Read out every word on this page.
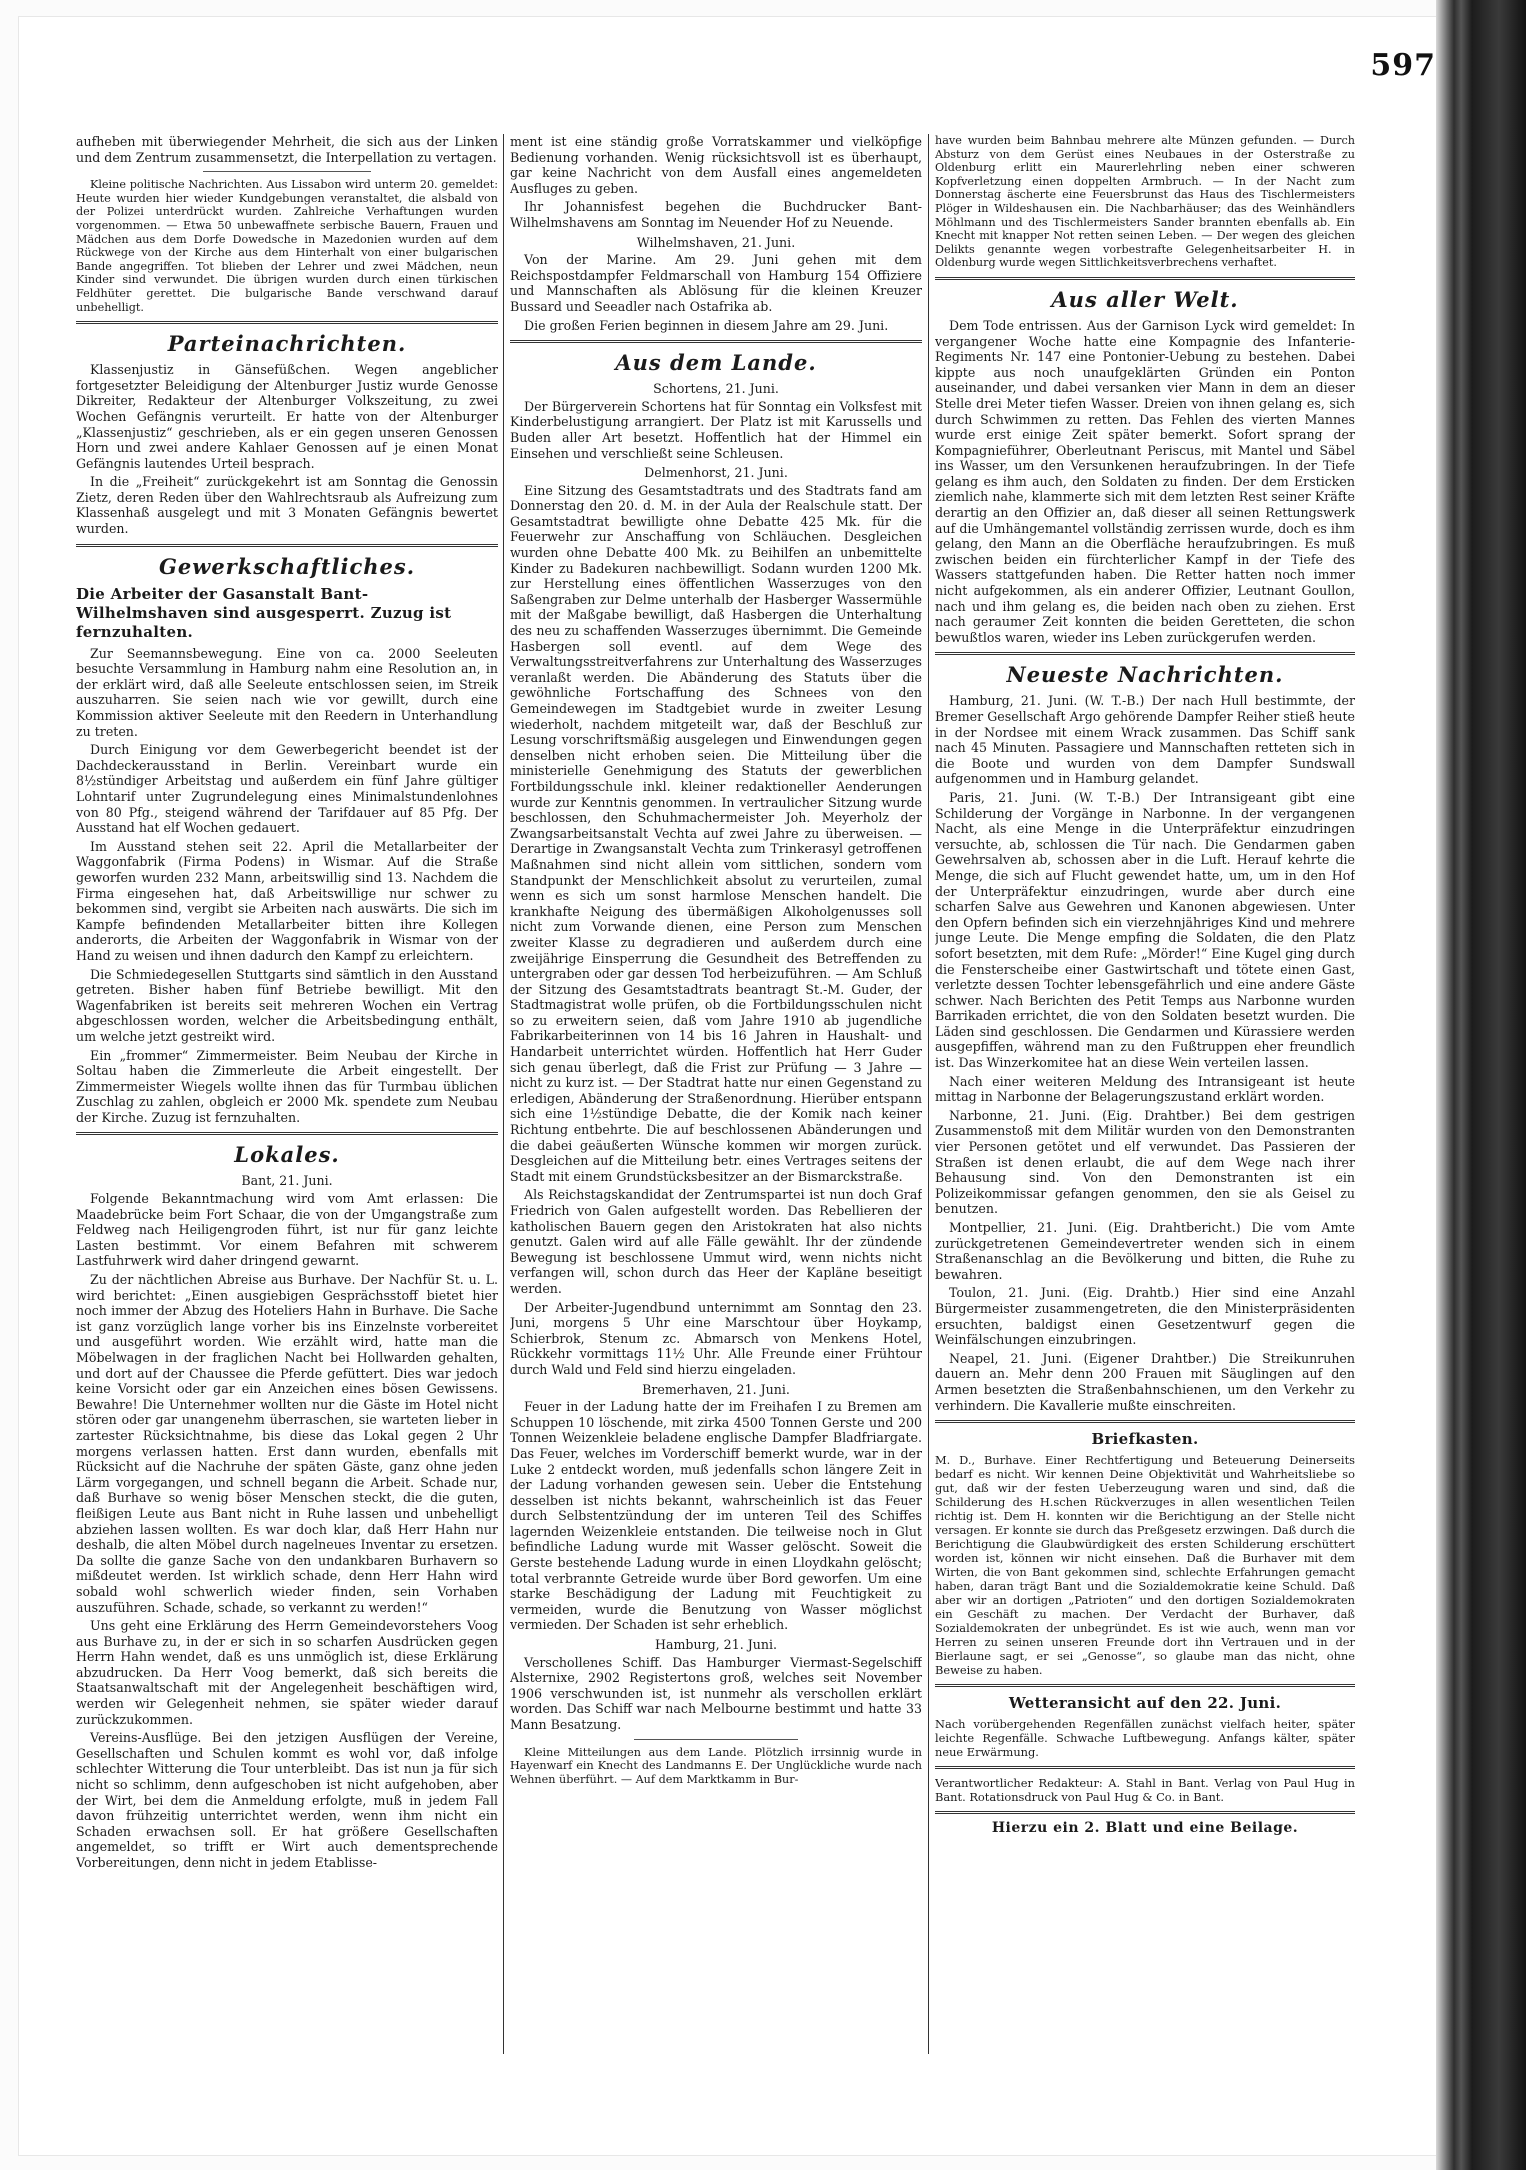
597

aufheben mit überwiegender Mehrheit, die sich aus der Linken und dem Zentrum zusammensetzt, die Interpellation zu vertagen.

Kleine politische Nachrichten. Aus Lissabon wird unterm 20. gemeldet: Heute wurden hier wieder Kundgebungen veranstaltet, die alsbald von der Polizei unterdrückt wurden. Zahlreiche Verhaftungen wurden vorgenommen. — Etwa 50 unbewaffnete serbische Bauern, Frauen und Mädchen aus dem Dorfe Dowedsche in Mazedonien wurden auf dem Rückwege von der Kirche aus dem Hinterhalt von einer bulgarischen Bande angegriffen. Tot blieben der Lehrer und zwei Mädchen, neun Kinder sind verwundet. Die übrigen wurden durch einen türkischen Feldhüter gerettet. Die bulgarische Bande verschwand darauf unbehelligt.

Parteinachrichten.

Klassenjustiz in Gänsefüßchen. Wegen angeblicher fortgesetzter Beleidigung der Altenburger Justiz wurde Genosse Dikreiter, Redakteur der Altenburger Volkszeitung, zu zwei Wochen Gefängnis verurteilt. Er hatte von der Altenburger „Klassenjustiz“ geschrieben, als er ein gegen unseren Genossen Horn und zwei andere Kahlaer Genossen auf je einen Monat Gefängnis lautendes Urteil besprach.

In die „Freiheit“ zurückgekehrt ist am Sonntag die Genossin Zietz, deren Reden über den Wahlrechtsraub als Aufreizung zum Klassenhaß ausgelegt und mit 3 Monaten Gefängnis bewertet wurden.

Gewerkschaftliches.
Die Arbeiter der Gasanstalt Bant-Wilhelmshaven sind ausgesperrt. Zuzug ist fernzuhalten.

Zur Seemannsbewegung. Eine von ca. 2000 Seeleuten besuchte Versammlung in Hamburg nahm eine Resolution an, in der erklärt wird, daß alle Seeleute entschlossen seien, im Streik auszuharren. Sie seien nach wie vor gewillt, durch eine Kommission aktiver Seeleute mit den Reedern in Unterhandlung zu treten.

Durch Einigung vor dem Gewerbegericht beendet ist der Dachdeckerausstand in Berlin. Vereinbart wurde ein 8½stündiger Arbeitstag und außerdem ein fünf Jahre gültiger Lohntarif unter Zugrundelegung eines Minimalstundenlohnes von 80 Pfg., steigend während der Tarifdauer auf 85 Pfg. Der Ausstand hat elf Wochen gedauert.

Im Ausstand stehen seit 22. April die Metallarbeiter der Waggonfabrik (Firma Podens) in Wismar. Auf die Straße geworfen wurden 232 Mann, arbeitswillig sind 13. Nachdem die Firma eingesehen hat, daß Arbeitswillige nur schwer zu bekommen sind, vergibt sie Arbeiten nach auswärts. Die sich im Kampfe befindenden Metallarbeiter bitten ihre Kollegen anderorts, die Arbeiten der Waggonfabrik in Wismar von der Hand zu weisen und ihnen dadurch den Kampf zu erleichtern.

Die Schmiedegesellen Stuttgarts sind sämtlich in den Ausstand getreten. Bisher haben fünf Betriebe bewilligt. Mit den Wagenfabriken ist bereits seit mehreren Wochen ein Vertrag abgeschlossen worden, welcher die Arbeitsbedingung enthält, um welche jetzt gestreikt wird.

Ein „frommer“ Zimmermeister. Beim Neubau der Kirche in Soltau haben die Zimmerleute die Arbeit eingestellt. Der Zimmermeister Wiegels wollte ihnen das für Turmbau üblichen Zuschlag zu zahlen, obgleich er 2000 Mk. spendete zum Neubau der Kirche. Zuzug ist fernzuhalten.

Lokales.

Bant, 21. Juni.

Folgende Bekanntmachung wird vom Amt erlassen: Die Maadebrücke beim Fort Schaar, die von der Umgangstraße zum Feldweg nach Heiligengroden führt, ist nur für ganz leichte Lasten bestimmt. Vor einem Befahren mit schwerem Lastfuhrwerk wird daher dringend gewarnt.

Zu der nächtlichen Abreise aus Burhave. Der Nachfür St. u. L. wird berichtet: „Einen ausgiebigen Gesprächsstoff bietet hier noch immer der Abzug des Hoteliers Hahn in Burhave. Die Sache ist ganz vorzüglich lange vorher bis ins Einzelnste vorbereitet und ausgeführt worden. Wie erzählt wird, hatte man die Möbelwagen in der fraglichen Nacht bei Hollwarden gehalten, und dort auf der Chaussee die Pferde gefüttert. Dies war jedoch keine Vorsicht oder gar ein Anzeichen eines bösen Gewissens. Bewahre! Die Unternehmer wollten nur die Gäste im Hotel nicht stören oder gar unangenehm überraschen, sie warteten lieber in zartester Rücksichtnahme, bis diese das Lokal gegen 2 Uhr morgens verlassen hatten. Erst dann wurden, ebenfalls mit Rücksicht auf die Nachruhe der späten Gäste, ganz ohne jeden Lärm vorgegangen, und schnell begann die Arbeit. Schade nur, daß Burhave so wenig böser Menschen steckt, die die guten, fleißigen Leute aus Bant nicht in Ruhe lassen und unbehelligt abziehen lassen wollten. Es war doch klar, daß Herr Hahn nur deshalb, die alten Möbel durch nagelneues Inventar zu ersetzen. Da sollte die ganze Sache von den undankbaren Burhavern so mißdeutet werden. Ist wirklich schade, denn Herr Hahn wird sobald wohl schwerlich wieder finden, sein Vorhaben auszuführen. Schade, schade, so verkannt zu werden!“

Uns geht eine Erklärung des Herrn Gemeindevorstehers Voog aus Burhave zu, in der er sich in so scharfen Ausdrücken gegen Herrn Hahn wendet, daß es uns unmöglich ist, diese Erklärung abzudrucken. Da Herr Voog bemerkt, daß sich bereits die Staatsanwaltschaft mit der Angelegenheit beschäftigen wird, werden wir Gelegenheit nehmen, sie später wieder darauf zurückzukommen.

Vereins-Ausflüge. Bei den jetzigen Ausflügen der Vereine, Gesellschaften und Schulen kommt es wohl vor, daß infolge schlechter Witterung die Tour unterbleibt. Das ist nun ja für sich nicht so schlimm, denn aufgeschoben ist nicht aufgehoben, aber der Wirt, bei dem die Anmeldung erfolgte, muß in jedem Fall davon frühzeitig unterrichtet werden, wenn ihm nicht ein Schaden erwachsen soll. Er hat größere Gesellschaften angemeldet, so trifft er Wirt auch dementsprechende Vorbereitungen, denn nicht in jedem Etablisse-

ment ist eine ständig große Vorratskammer und vielköpfige Bedienung vorhanden. Wenig rücksichtsvoll ist es überhaupt, gar keine Nachricht von dem Ausfall eines angemeldeten Ausfluges zu geben.

Ihr Johannisfest begehen die Buchdrucker Bant-Wilhelmshavens am Sonntag im Neuender Hof zu Neuende.

Wilhelmshaven, 21. Juni.

Von der Marine. Am 29. Juni gehen mit dem Reichspostdampfer Feldmarschall von Hamburg 154 Offiziere und Mannschaften als Ablösung für die kleinen Kreuzer Bussard und Seeadler nach Ostafrika ab.

Die großen Ferien beginnen in diesem Jahre am 29. Juni.

Aus dem Lande.

Schortens, 21. Juni.

Der Bürgerverein Schortens hat für Sonntag ein Volksfest mit Kinderbelustigung arrangiert. Der Platz ist mit Karussells und Buden aller Art besetzt. Hoffentlich hat der Himmel ein Einsehen und verschließt seine Schleusen.

Delmenhorst, 21. Juni.

Eine Sitzung des Gesamtstadtrats und des Stadtrats fand am Donnerstag den 20. d. M. in der Aula der Realschule statt. Der Gesamtstadtrat bewilligte ohne Debatte 425 Mk. für die Feuerwehr zur Anschaffung von Schläuchen. Desgleichen wurden ohne Debatte 400 Mk. zu Beihilfen an unbemittelte Kinder zu Badekuren nachbewilligt. Sodann wurden 1200 Mk. zur Herstellung eines öffentlichen Wasserzuges von den Saßengraben zur Delme unterhalb der Hasberger Wassermühle mit der Maßgabe bewilligt, daß Hasbergen die Unterhaltung des neu zu schaffenden Wasserzuges übernimmt. Die Gemeinde Hasbergen soll eventl. auf dem Wege des Verwaltungsstreitverfahrens zur Unterhaltung des Wasserzuges veranlaßt werden. Die Abänderung des Statuts über die gewöhnliche Fortschaffung des Schnees von den Gemeindewegen im Stadtgebiet wurde in zweiter Lesung wiederholt, nachdem mitgeteilt war, daß der Beschluß zur Lesung vorschriftsmäßig ausgelegen und Einwendungen gegen denselben nicht erhoben seien. Die Mitteilung über die ministerielle Genehmigung des Statuts der gewerblichen Fortbildungsschule inkl. kleiner redaktioneller Aenderungen wurde zur Kenntnis genommen. In vertraulicher Sitzung wurde beschlossen, den Schuhmachermeister Joh. Meyerholz der Zwangsarbeitsanstalt Vechta auf zwei Jahre zu überweisen. — Derartige in Zwangsanstalt Vechta zum Trinkerasyl getroffenen Maßnahmen sind nicht allein vom sittlichen, sondern vom Standpunkt der Menschlichkeit absolut zu verurteilen, zumal wenn es sich um sonst harmlose Menschen handelt. Die krankhafte Neigung des übermäßigen Alkoholgenusses soll nicht zum Vorwande dienen, eine Person zum Menschen zweiter Klasse zu degradieren und außerdem durch eine zweijährige Einsperrung die Gesundheit des Betreffenden zu untergraben oder gar dessen Tod herbeizuführen. — Am Schluß der Sitzung des Gesamtstadtrats beantragt St.-M. Guder, der Stadtmagistrat wolle prüfen, ob die Fortbildungsschulen nicht so zu erweitern seien, daß vom Jahre 1910 ab jugendliche Fabrikarbeiterinnen von 14 bis 16 Jahren in Haushalt- und Handarbeit unterrichtet würden. Hoffentlich hat Herr Guder sich genau überlegt, daß die Frist zur Prüfung — 3 Jahre — nicht zu kurz ist. — Der Stadtrat hatte nur einen Gegenstand zu erledigen, Abänderung der Straßenordnung. Hierüber entspann sich eine 1½stündige Debatte, die der Komik nach keiner Richtung entbehrte. Die auf beschlossenen Abänderungen und die dabei geäußerten Wünsche kommen wir morgen zurück. Desgleichen auf die Mitteilung betr. eines Vertrages seitens der Stadt mit einem Grundstücksbesitzer an der Bismarckstraße.

Als Reichstagskandidat der Zentrumspartei ist nun doch Graf Friedrich von Galen aufgestellt worden. Das Rebellieren der katholischen Bauern gegen den Aristokraten hat also nichts genutzt. Galen wird auf alle Fälle gewählt. Ihr der zündende Bewegung ist beschlossene Ummut wird, wenn nichts nicht verfangen will, schon durch das Heer der Kapläne beseitigt werden.

Der Arbeiter-Jugendbund unternimmt am Sonntag den 23. Juni, morgens 5 Uhr eine Marschtour über Hoykamp, Schierbrok, Stenum zc. Abmarsch von Menkens Hotel, Rückkehr vormittags 11½ Uhr. Alle Freunde einer Frühtour durch Wald und Feld sind hierzu eingeladen.

Bremerhaven, 21. Juni.

Feuer in der Ladung hatte der im Freihafen I zu Bremen am Schuppen 10 löschende, mit zirka 4500 Tonnen Gerste und 200 Tonnen Weizenkleie beladene englische Dampfer Bladfriargate. Das Feuer, welches im Vorderschiff bemerkt wurde, war in der Luke 2 entdeckt worden, muß jedenfalls schon längere Zeit in der Ladung vorhanden gewesen sein. Ueber die Entstehung desselben ist nichts bekannt, wahrscheinlich ist das Feuer durch Selbstentzündung der im unteren Teil des Schiffes lagernden Weizenkleie entstanden. Die teilweise noch in Glut befindliche Ladung wurde mit Wasser gelöscht. Soweit die Gerste bestehende Ladung wurde in einen Lloydkahn gelöscht; total verbrannte Getreide wurde über Bord geworfen. Um eine starke Beschädigung der Ladung mit Feuchtigkeit zu vermeiden, wurde die Benutzung von Wasser möglichst vermieden. Der Schaden ist sehr erheblich.

Hamburg, 21. Juni.

Verschollenes Schiff. Das Hamburger Viermast-Segelschiff Alsternixe, 2902 Registertons groß, welches seit November 1906 verschwunden ist, ist nunmehr als verschollen erklärt worden. Das Schiff war nach Melbourne bestimmt und hatte 33 Mann Besatzung.

Kleine Mitteilungen aus dem Lande. Plötzlich irrsinnig wurde in Hayenwarf ein Knecht des Landmanns E. Der Unglückliche wurde nach Wehnen überführt. — Auf dem Marktkamm in Bur-

have wurden beim Bahnbau mehrere alte Münzen gefunden. — Durch Absturz von dem Gerüst eines Neubaues in der Osterstraße zu Oldenburg erlitt ein Maurerlehrling neben einer schweren Kopfverletzung einen doppelten Armbruch. — In der Nacht zum Donnerstag äscherte eine Feuersbrunst das Haus des Tischlermeisters Plöger in Wildeshausen ein. Die Nachbarhäuser; das des Weinhändlers Möhlmann und des Tischlermeisters Sander brannten ebenfalls ab. Ein Knecht mit knapper Not retten seinen Leben. — Der wegen des gleichen Delikts genannte wegen vorbestrafte Gelegenheitsarbeiter H. in Oldenburg wurde wegen Sittlichkeitsverbrechens verhaftet.

Aus aller Welt.

Dem Tode entrissen. Aus der Garnison Lyck wird gemeldet: In vergangener Woche hatte eine Kompagnie des Infanterie-Regiments Nr. 147 eine Pontonier-Uebung zu bestehen. Dabei kippte aus noch unaufgeklärten Gründen ein Ponton auseinander, und dabei versanken vier Mann in dem an dieser Stelle drei Meter tiefen Wasser. Dreien von ihnen gelang es, sich durch Schwimmen zu retten. Das Fehlen des vierten Mannes wurde erst einige Zeit später bemerkt. Sofort sprang der Kompagnieführer, Oberleutnant Periscus, mit Mantel und Säbel ins Wasser, um den Versunkenen heraufzubringen. In der Tiefe gelang es ihm auch, den Soldaten zu finden. Der dem Ersticken ziemlich nahe, klammerte sich mit dem letzten Rest seiner Kräfte derartig an den Offizier an, daß dieser all seinen Rettungswerk auf die Umhängemantel vollständig zerrissen wurde, doch es ihm gelang, den Mann an die Oberfläche heraufzubringen. Es muß zwischen beiden ein fürchterlicher Kampf in der Tiefe des Wassers stattgefunden haben. Die Retter hatten noch immer nicht aufgekommen, als ein anderer Offizier, Leutnant Goullon, nach und ihm gelang es, die beiden nach oben zu ziehen. Erst nach geraumer Zeit konnten die beiden Geretteten, die schon bewußtlos waren, wieder ins Leben zurückgerufen werden.

Neueste Nachrichten.

Hamburg, 21. Juni. (W. T.-B.) Der nach Hull bestimmte, der Bremer Gesellschaft Argo gehörende Dampfer Reiher stieß heute in der Nordsee mit einem Wrack zusammen. Das Schiff sank nach 45 Minuten. Passagiere und Mannschaften retteten sich in die Boote und wurden von dem Dampfer Sundswall aufgenommen und in Hamburg gelandet.

Paris, 21. Juni. (W. T.-B.) Der Intransigeant gibt eine Schilderung der Vorgänge in Narbonne. In der vergangenen Nacht, als eine Menge in die Unterpräfektur einzudringen versuchte, ab, schlossen die Tür nach. Die Gendarmen gaben Gewehrsalven ab, schossen aber in die Luft. Herauf kehrte die Menge, die sich auf Flucht gewendet hatte, um, um in den Hof der Unterpräfektur einzudringen, wurde aber durch eine scharfen Salve aus Gewehren und Kanonen abgewiesen. Unter den Opfern befinden sich ein vierzehnjähriges Kind und mehrere junge Leute. Die Menge empfing die Soldaten, die den Platz sofort besetzten, mit dem Rufe: „Mörder!“ Eine Kugel ging durch die Fensterscheibe einer Gastwirtschaft und tötete einen Gast, verletzte dessen Tochter lebensgefährlich und eine andere Gäste schwer. Nach Berichten des Petit Temps aus Narbonne wurden Barrikaden errichtet, die von den Soldaten besetzt wurden. Die Läden sind geschlossen. Die Gendarmen und Kürassiere werden ausgepfiffen, während man zu den Fußtruppen eher freundlich ist. Das Winzerkomitee hat an diese Wein verteilen lassen.

Nach einer weiteren Meldung des Intransigeant ist heute mittag in Narbonne der Belagerungszustand erklärt worden.

Narbonne, 21. Juni. (Eig. Drahtber.) Bei dem gestrigen Zusammenstoß mit dem Militär wurden von den Demonstranten vier Personen getötet und elf verwundet. Das Passieren der Straßen ist denen erlaubt, die auf dem Wege nach ihrer Behausung sind. Von den Demonstranten ist ein Polizeikommissar gefangen genommen, den sie als Geisel zu benutzen.

Montpellier, 21. Juni. (Eig. Drahtbericht.) Die vom Amte zurückgetretenen Gemeindevertreter wenden sich in einem Straßenanschlag an die Bevölkerung und bitten, die Ruhe zu bewahren.

Toulon, 21. Juni. (Eig. Drahtb.) Hier sind eine Anzahl Bürgermeister zusammengetreten, die den Ministerpräsidenten ersuchten, baldigst einen Gesetzentwurf gegen die Weinfälschungen einzubringen.

Neapel, 21. Juni. (Eigener Drahtber.) Die Streikunruhen dauern an. Mehr denn 200 Frauen mit Säuglingen auf den Armen besetzten die Straßenbahnschienen, um den Verkehr zu verhindern. Die Kavallerie mußte einschreiten.

Briefkasten.

M. D., Burhave. Einer Rechtfertigung und Beteuerung Deinerseits bedarf es nicht. Wir kennen Deine Objektivität und Wahrheitsliebe so gut, daß wir der festen Ueberzeugung waren und sind, daß die Schilderung des H.schen Rückverzuges in allen wesentlichen Teilen richtig ist. Dem H. konnten wir die Berichtigung an der Stelle nicht versagen. Er konnte sie durch das Preßgesetz erzwingen. Daß durch die Berichtigung die Glaubwürdigkeit des ersten Schilderung erschüttert worden ist, können wir nicht einsehen. Daß die Burhaver mit dem Wirten, die von Bant gekommen sind, schlechte Erfahrungen gemacht haben, daran trägt Bant und die Sozialdemokratie keine Schuld. Daß aber wir an dortigen „Patrioten“ und den dortigen Sozialdemokraten ein Geschäft zu machen. Der Verdacht der Burhaver, daß Sozialdemokraten der unbegründet. Es ist wie auch, wenn man vor Herren zu seinen unseren Freunde dort ihn Vertrauen und in der Bierlaune sagt, er sei „Genosse“, so glaube man das nicht, ohne Beweise zu haben.

Wetteransicht auf den 22. Juni.

Nach vorübergehenden Regenfällen zunächst vielfach heiter, später leichte Regenfälle. Schwache Luftbewegung. Anfangs kälter, später neue Erwärmung.

Verantwortlicher Redakteur: A. Stahl in Bant. Verlag von Paul Hug in Bant. Rotationsdruck von Paul Hug & Co. in Bant.

Hierzu ein 2. Blatt und eine Beilage.
